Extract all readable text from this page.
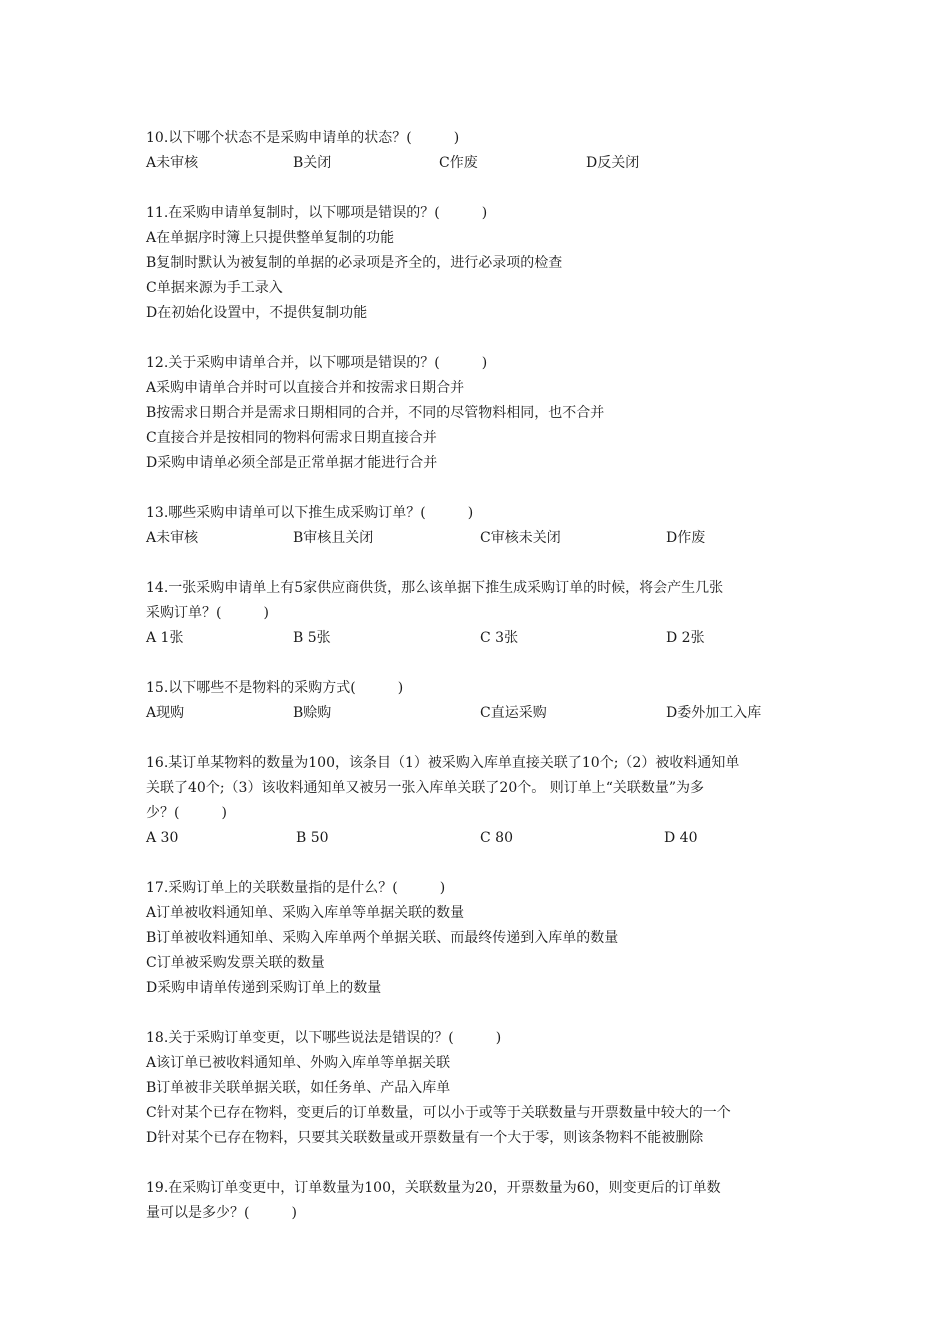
10.以下哪个状态不是采购申请单的状态？(　　　)
A未审核	B关闭	C作废	D反关闭
11.在采购申请单复制时，以下哪项是错误的？(　　　)
A在单据序时簿上只提供整单复制的功能
B复制时默认为被复制的单据的必录项是齐全的，进行必录项的检查
C单据来源为手工录入
D在初始化设置中，不提供复制功能
12.关于采购申请单合并，以下哪项是错误的？(　　　)
A采购申请单合并时可以直接合并和按需求日期合并
B按需求日期合并是需求日期相同的合并，不同的尽管物料相同，也不合并
C直接合并是按相同的物料何需求日期直接合并
D采购申请单必须全部是正常单据才能进行合并
13.哪些采购申请单可以下推生成采购订单？(　　　)
A未审核	B审核且关闭	C审核未关闭	D作废
14.一张采购申请单上有5家供应商供货，那么该单据下推生成采购订单的时候，将会产生几张
采购订单？(　　　)
A 1张	B 5张	C 3张	D 2张
15.以下哪些不是物料的采购方式(　　　)
A现购	B赊购	C直运采购	D委外加工入库
16.某订单某物料的数量为100，该条目（1）被采购入库单直接关联了10个;（2）被收料通知单
关联了40个;（3）该收料通知单又被另一张入库单关联了20个。 则订单上“关联数量”为多
少？(　　　)
A 30	B 50	C 80	D 40
17.采购订单上的关联数量指的是什么？(　　　)
A订单被收料通知单、采购入库单等单据关联的数量
B订单被收料通知单、采购入库单两个单据关联、而最终传递到入库单的数量
C订单被采购发票关联的数量
D采购申请单传递到采购订单上的数量
18.关于采购订单变更，以下哪些说法是错误的？(　　　)
A该订单已被收料通知单、外购入库单等单据关联
B订单被非关联单据关联，如任务单、产品入库单
C针对某个已存在物料，变更后的订单数量，可以小于或等于关联数量与开票数量中较大的一个
D针对某个已存在物料，只要其关联数量或开票数量有一个大于零，则该条物料不能被删除
19.在采购订单变更中，订单数量为100，关联数量为20，开票数量为60，则变更后的订单数
量可以是多少？(　　　)
